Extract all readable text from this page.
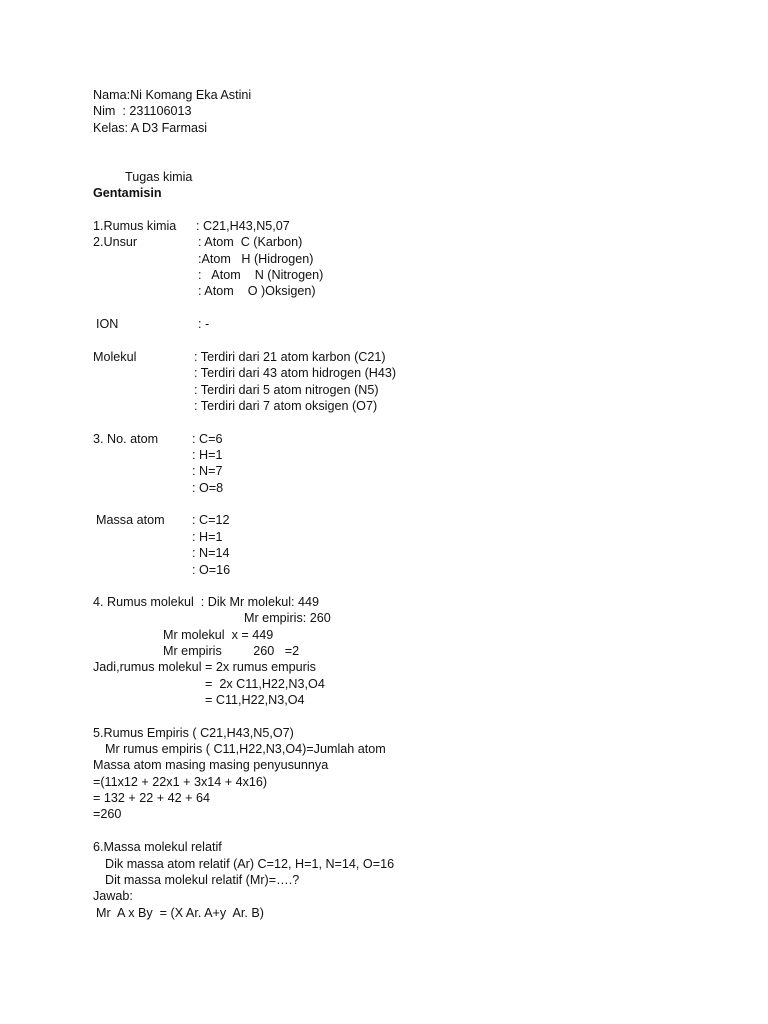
Nama:Ni Komang Eka Astini
Nim  : 231106013
Kelas: A D3 Farmasi
Tugas kimia
Gentamisin
1.Rumus kimia : C21,H43,N5,07
2.Unsur	: Atom  C (Karbon)
:Atom   H (Hidrogen)
:   Atom    N (Nitrogen)
: Atom    O )Oksigen)
ION	: -
Molekul	: Terdiri dari 21 atom karbon (C21)
: Terdiri dari 43 atom hidrogen (H43)
: Terdiri dari 5 atom nitrogen (N5)
: Terdiri dari 7 atom oksigen (O7)
3. No. atom	: C=6
: H=1
: N=7
: O=8
Massa atom : C=12
: H=1
: N=14
: O=16
4. Rumus molekul  : Dik Mr molekul: 449
Mr empiris: 260
Mr molekul  x = 449
Mr empiris         260   =2
Jadi,rumus molekul = 2x rumus empuris
=  2x C11,H22,N3,O4
= C11,H22,N3,O4
5.Rumus Empiris ( C21,H43,N5,O7)
Mr rumus empiris ( C11,H22,N3,O4)=Jumlah atom
Massa atom masing masing penyusunnya
=(11x12 + 22x1 + 3x14 + 4x16)
= 132 + 22 + 42 + 64
=260
6.Massa molekul relatif
Dik massa atom relatif (Ar) C=12, H=1, N=14, O=16
Dit massa molekul relatif (Mr)=….?
Jawab:
Mr  A x By  = (X Ar. A+y  Ar. B)
